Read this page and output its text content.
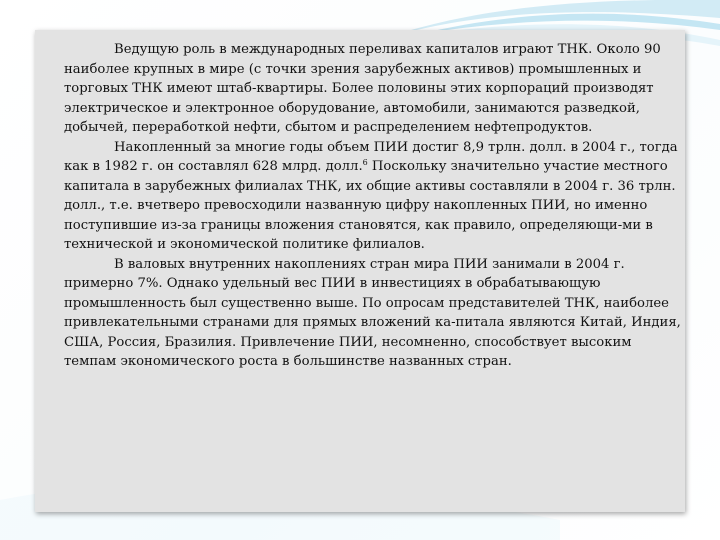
Ведущую роль в международных переливах капиталов играют ТНК. Около 90 наиболее крупных в мире (с точки зрения зарубежных активов) промышленных и торговых ТНК имеют штаб-квартиры. Более половины этих корпораций производят электрическое и электронное оборудование, автомобили, занимаются разведкой, добычей, переработкой нефти, сбытом и распределением нефтепродуктов.

Накопленный за многие годы объем ПИИ достиг 8,9 трлн. долл. в 2004 г., тогда как в 1982 г. он составлял 628 млрд. долл.$^6$ Поскольку значительно участие местного капитала в зарубежных филиалах ТНК, их общие активы составляли в 2004 г. 36 трлн. долл., т.е. вчетверо превосходили названную цифру накопленных ПИИ, но именно поступившие из-за границы вложения становятся, как правило, определяющи-ми в технической и экономической политике филиалов.

В валовых внутренних накоплениях стран мира ПИИ занимали в 2004 г. примерно 7%. Однако удельный вес ПИИ в инвестициях в обрабатывающую промышленность был существенно выше. По опросам представителей ТНК, наиболее привлекательными странами для прямых вложений ка-питала являются Китай, Индия, США, Россия, Бразилия. Привлечение ПИИ, несомненно, способствует высоким темпам экономического роста в большинстве названных стран.
